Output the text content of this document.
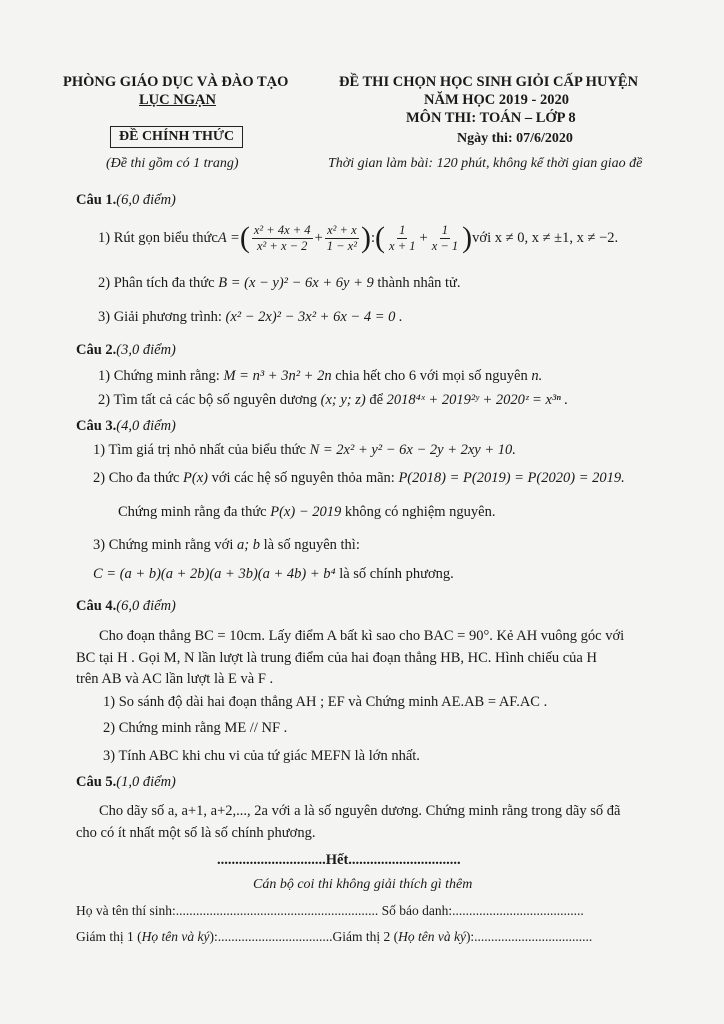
PHÒNG GIÁO DỤC VÀ ĐÀO TẠO
LỤC NGẠN
ĐỀ CHÍNH THỨC
(Đề thi gồm có 1 trang)
ĐỀ THI CHỌN HỌC SINH GIỎI CẤP HUYỆN
NĂM HỌC 2019 - 2020
MÔN THI: TOÁN – LỚP 8
Ngày thi: 07/6/2020
Thời gian làm bài: 120 phút, không kể thời gian giao đề
Câu 1.(6,0 điểm)
1) Rút gọn biểu thức A = ( $\frac{\text{x² + 4x + 4}}{\text{x² + x − 2}} + \frac{\text{x² + x}}{\text{1 − x²}}$ ) : ( $\frac{1}{x + 1} + \frac{1}{x - 1}$ ) với x ≠ 0, x ≠ ±1, x ≠ −2.
2) Phân tích đa thức B = (x − y)² − 6x + 6y + 9 thành nhân tử.
3) Giải phương trình: (x² − 2x)² − 3x² + 6x − 4 = 0 .
Câu 2.(3,0 điểm)
1) Chứng minh rằng: M = n³ + 3n² + 2n chia hết cho 6 với mọi số nguyên n.
2) Tìm tất cả các bộ số nguyên dương (x; y; z) để 2018⁴ˣ + 2019²ʸ + 2020ᶻ = x³ⁿ .
Câu 3.(4,0 điểm)
1) Tìm giá trị nhỏ nhất của biểu thức N = 2x² + y² − 6x − 2y + 2xy + 10.
2) Cho đa thức P(x) với các hệ số nguyên thỏa mãn: P(2018) = P(2019) = P(2020) = 2019.
Chứng minh rằng đa thức P(x) − 2019 không có nghiệm nguyên.
3) Chứng minh rằng với a; b là số nguyên thì:
C = (a + b)(a + 2b)(a + 3b)(a + 4b) + b⁴ là số chính phương.
Câu 4.(6,0 điểm)
Cho đoạn thẳng BC = 10cm. Lấy điểm A bất kì sao cho BAC = 90°. Kẻ AH vuông góc với
BC tại H . Gọi M, N lần lượt là trung điểm của hai đoạn thẳng HB, HC. Hình chiếu của H
trên AB và AC lần lượt là E và F .
1) So sánh độ dài hai đoạn thẳng AH ; EF và Chứng minh AE.AB = AF.AC .
2) Chứng minh rằng ME // NF .
3) Tính ABC khi chu vi của tứ giác MEFN là lớn nhất.
Câu 5.(1,0 điểm)
Cho dãy số a, a+1, a+2,..., 2a với a là số nguyên dương. Chứng minh rằng trong dãy số đã
cho có ít nhất một số là số chính phương.
..............................Hết...............................
Cán bộ coi thi không giải thích gì thêm
Họ và tên thí sinh:............................................................ Số báo danh:.......................................
Giám thị 1 (Họ tên và ký):..................................Giám thị 2 (Họ tên và ký):...................................
